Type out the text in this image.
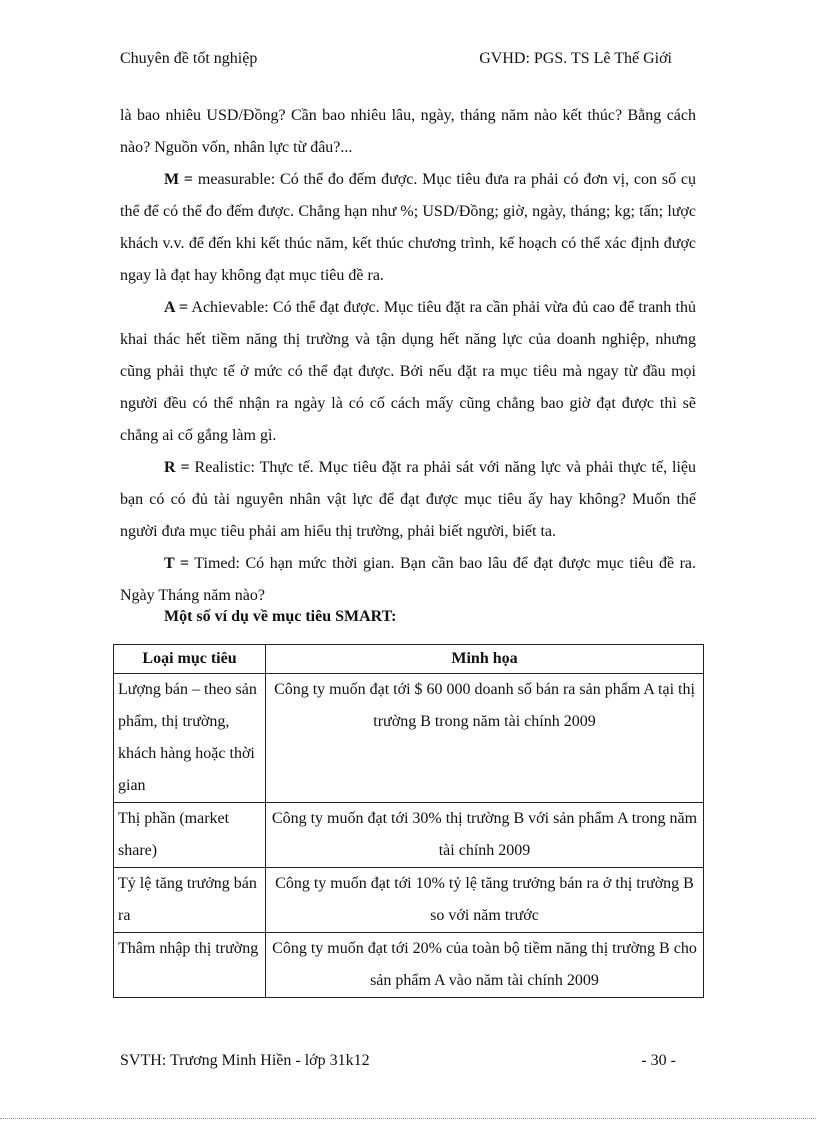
Chuyên đề tốt nghiệp	GVHD: PGS. TS Lê Thế Giới

là bao nhiêu USD/Đồng? Cần bao nhiêu lâu, ngày, tháng năm nào kết thúc? Bằng cách nào? Nguồn vốn, nhân lực từ đâu?...

M = measurable: Có thể đo đếm được. Mục tiêu đưa ra phải có đơn vị, con số cụ thể để có thể đo đếm được. Chẳng hạn như %; USD/Đồng; giờ, ngày, tháng; kg; tấn; lược khách v.v. để đến khi kết thúc năm, kết thúc chương trình, kế hoạch có thể xác định được ngay là đạt hay không đạt mục tiêu đề ra.

A = Achievable: Có thể đạt được. Mục tiêu đặt ra cần phải vừa đủ cao để tranh thủ khai thác hết tiềm năng thị trường và tận dụng hết năng lực của doanh nghiệp, nhưng cũng phải thực tế ở mức có thể đạt được. Bởi nếu đặt ra mục tiêu mà ngay từ đầu mọi người đều có thể nhận ra ngày là có cố cách mấy cũng chẳng bao giờ đạt được thì sẽ chẳng ai cố gắng làm gì.

R = Realistic: Thực tế. Mục tiêu đặt ra phải sát với năng lực và phải thực tế, liệu bạn có có đủ tài nguyên nhân vật lực để đạt được mục tiêu ấy hay không? Muốn thế người đưa mục tiêu phải am hiểu thị trường, phải biết người, biết ta.

T = Timed: Có hạn mức thời gian. Bạn cần bao lâu để đạt được mục tiêu đề ra. Ngày Tháng năm nào?

Một số ví dụ về mục tiêu SMART:
Loại mục tiêu	Minh họa
Lượng bán – theo sản phẩm, thị trường, khách hàng hoặc thời gian	Công ty muốn đạt tới $ 60 000 doanh số bán ra sản phẩm A tại thị trường B trong năm tài chính 2009
Thị phần (market share)	Công ty muốn đạt tới 30% thị trường B với sản phẩm A trong năm tài chính 2009
Tỷ lệ tăng trưởng bán ra	Công ty muốn đạt tới 10% tỷ lệ tăng trưởng bán ra ở thị trường B so với năm trước
Thâm nhập thị trường	Công ty muốn đạt tới 20% của toàn bộ tiềm năng thị trường B cho sản phẩm A vào năm tài chính 2009
SVTH: Trương Minh Hiền - lớp 31k12	- 30 -
